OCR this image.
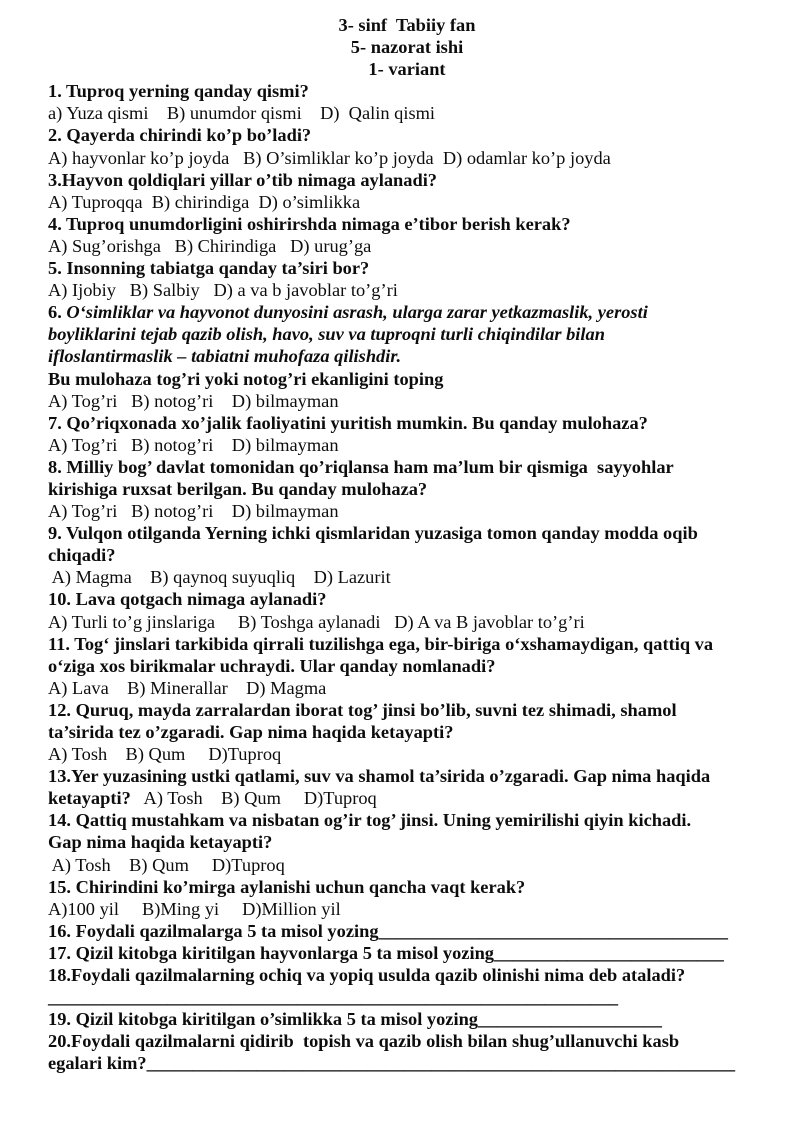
3- sinf  Tabiiy fan
5- nazorat ishi
1- variant
1. Tuproq yerning qanday qismi?
a) Yuza qismi    B) unumdor qismi    D)  Qalin qismi
2. Qayerda chirindi ko’p bo’ladi?
A) hayvonlar ko’p joyda   B) O’simliklar ko’p joyda  D) odamlar ko’p joyda
3.Hayvon qoldiqlari yillar o’tib nimaga aylanadi?
A) Tuproqqa  B) chirindiga  D) o’simlikka
4. Tuproq unumdorligini oshirirshda nimaga e’tibor berish kerak?
A) Sug’orishga   B) Chirindiga   D) urug’ga
5. Insonning tabiatga qanday ta’siri bor?
A) Ijobiy   B) Salbiy   D) a va b javoblar to’g’ri
6. O‘simliklar va hayvonot dunyosini asrash, ularga zarar yetkazmaslik, yerosti
boyliklarini tejab qazib olish, havo, suv va tuproqni turli chiqindilar bilan
ifloslantirmaslik – tabiatni muhofaza qilishdir.
Bu mulohaza tog’ri yoki notog’ri ekanligini toping
A) Tog’ri   B) notog’ri    D) bilmayman
7. Qo’riqxonada xo’jalik faoliyatini yuritish mumkin. Bu qanday mulohaza?
A) Tog’ri   B) notog’ri    D) bilmayman
8. Milliy bog’ davlat tomonidan qo’riqlansa ham ma’lum bir qismiga  sayyohlar
kirishiga ruxsat berilgan. Bu qanday mulohaza?
A) Tog’ri   B) notog’ri    D) bilmayman
9. Vulqon otilganda Yerning ichki qismlaridan yuzasiga tomon qanday modda oqib
chiqadi?
A) Magma    B) qaynoq suyuqliq    D) Lazurit
10. Lava qotgach nimaga aylanadi?
A) Turli to’g jinslariga     B) Toshga aylanadi   D) A va B javoblar to’g’ri
11. Tog‘ jinslari tarkibida qirrali tuzilishga ega, bir-biriga o‘xshamaydigan, qattiq va
o‘ziga xos birikmalar uchraydi. Ular qanday nomlanadi?
A) Lava    B) Minerallar    D) Magma
12. Quruq, mayda zarralardan iborat tog’ jinsi bo’lib, suvni tez shimadi, shamol
ta’sirida tez o’zgaradi. Gap nima haqida ketayapti?
A) Tosh    B) Qum     D)Tuproq
13.Yer yuzasining ustki qatlami, suv va shamol ta’sirida o’zgaradi. Gap nima haqida
ketayapti?   A) Tosh    B) Qum     D)Tuproq
14. Qattiq mustahkam va nisbatan og’ir tog’ jinsi. Uning yemirilishi qiyin kichadi.
Gap nima haqida ketayapti?
A) Tosh    B) Qum     D)Tuproq
15. Chirindini ko’mirga aylanishi uchun qancha vaqt kerak?
A)100 yil     B)Ming yi     D)Million yil
16. Foydali qazilmalarga 5 ta misol yozing______________________________________
17. Qizil kitobga kiritilgan hayvonlarga 5 ta misol yozing_________________________
18.Foydali qazilmalarning ochiq va yopiq usulda qazib olinishi nima deb ataladi?
______________________________________________________________
19. Qizil kitobga kiritilgan o’simlikka 5 ta misol yozing____________________
20.Foydali qazilmalarni qidirib  topish va qazib olish bilan shug’ullanuvchi kasb
egalari kim?________________________________________________________________
